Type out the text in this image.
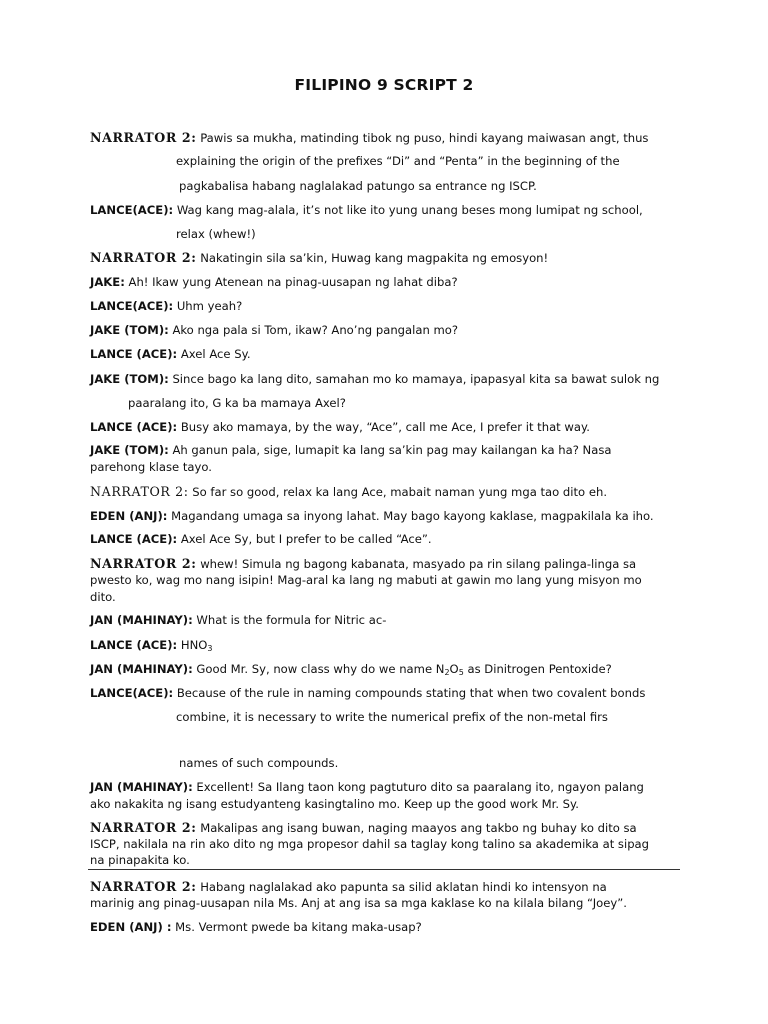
FILIPINO 9 SCRIPT 2
NARRATOR 2: Pawis sa mukha, matinding tibok ng puso, hindi kayang maiwasan angt, thus
explaining the origin of the prefixes “Di” and “Penta” in the beginning of the
pagkabalisa habang naglalakad patungo sa entrance ng ISCP.
LANCE(ACE): Wag kang mag-alala, it’s not like ito yung unang beses mong lumipat ng school,
relax (whew!)
NARRATOR 2: Nakatingin sila sa’kin, Huwag kang magpakita ng emosyon!
JAKE: Ah! Ikaw yung Atenean na pinag-uusapan ng lahat diba?
LANCE(ACE): Uhm yeah?
JAKE (TOM): Ako nga pala si Tom, ikaw? Ano’ng pangalan mo?
LANCE (ACE): Axel Ace Sy.
JAKE (TOM): Since bago ka lang dito, samahan mo ko mamaya, ipapasyal kita sa bawat sulok ng
paaralang ito, G ka ba mamaya Axel?
LANCE (ACE): Busy ako mamaya, by the way, “Ace”, call me Ace, I prefer it that way.
JAKE (TOM): Ah ganun pala, sige, lumapit ka lang sa’kin pag may kailangan ka ha? Nasa
parehong klase tayo.
NARRATOR 2: So far so good, relax ka lang Ace, mabait naman yung mga tao dito eh.
EDEN (ANJ): Magandang umaga sa inyong lahat. May bago kayong kaklase, magpakilala ka iho.
LANCE (ACE): Axel Ace Sy, but I prefer to be called “Ace”.
NARRATOR 2: whew! Simula ng bagong kabanata, masyado pa rin silang palinga-linga sa
pwesto ko, wag mo nang isipin! Mag-aral ka lang ng mabuti at gawin mo lang yung misyon mo
dito.
JAN (MAHINAY): What is the formula for Nitric ac-
LANCE (ACE): $HNO_3$
JAN (MAHINAY): Good Mr. Sy, now class why do we name $N_2O_5$ as Dinitrogen Pentoxide?
LANCE(ACE): Because of the rule in naming compounds stating that when two covalent bonds
combine, it is necessary to write the numerical prefix of the non-metal firs
names of such compounds.
JAN (MAHINAY): Excellent! Sa Ilang taon kong pagtuturo dito sa paaralang ito, ngayon palang
ako nakakita ng isang estudyanteng kasingtalino mo. Keep up the good work Mr. Sy.
NARRATOR 2: Makalipas ang isang buwan, naging maayos ang takbo ng buhay ko dito sa
ISCP, nakilala na rin ako dito ng mga propesor dahil sa taglay kong talino sa akademika at sipag
na pinapakita ko.
NARRATOR 2: Habang naglalakad ako papunta sa silid aklatan hindi ko intensyon na
marinig ang pinag-uusapan nila Ms. Anj at ang isa sa mga kaklase ko na kilala bilang “Joey”.
EDEN (ANJ) : Ms. Vermont pwede ba kitang maka-usap?
